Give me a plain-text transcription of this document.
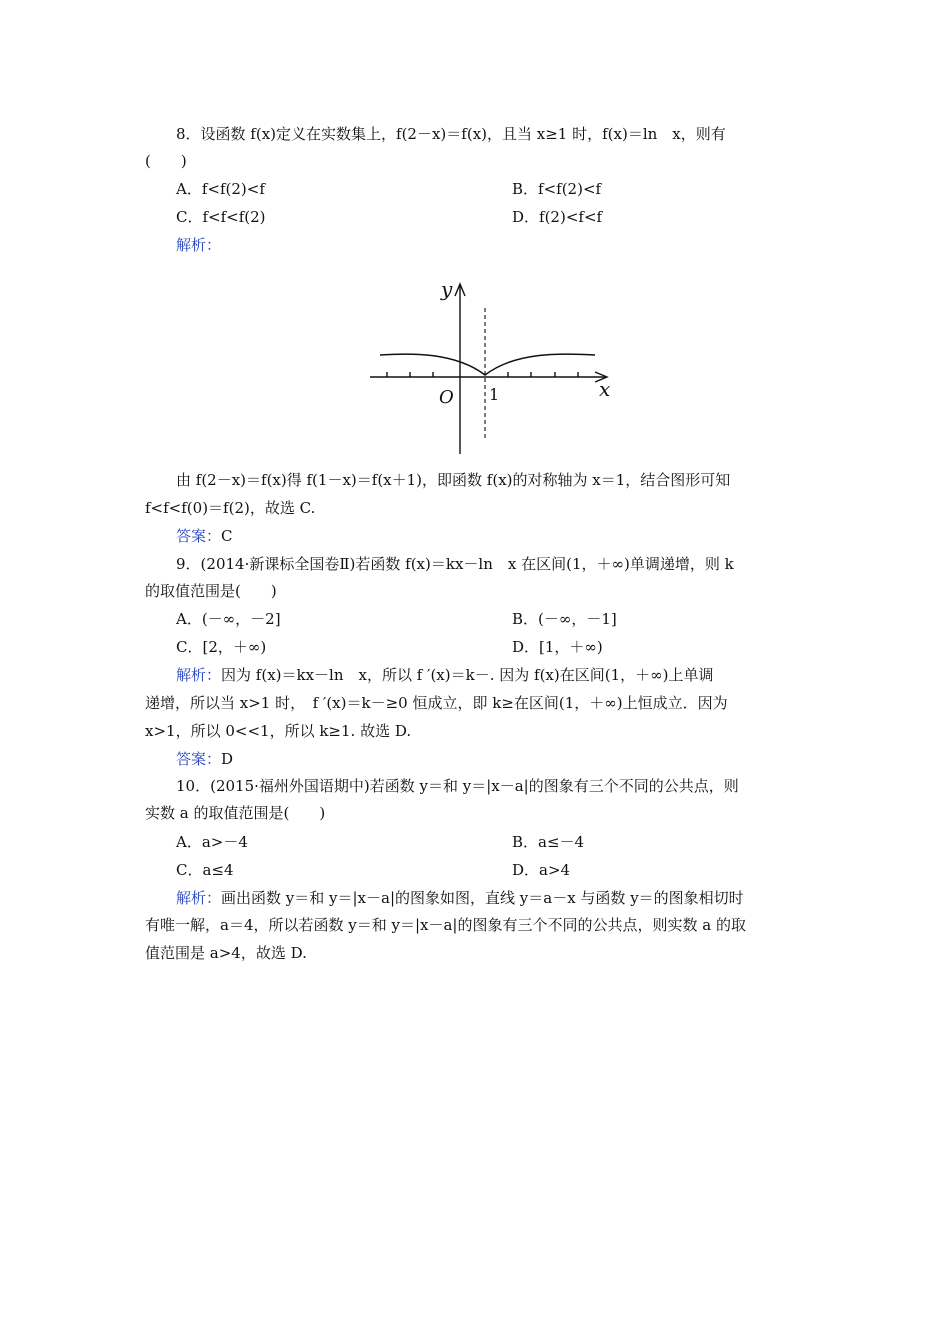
8．设函数 f(x)定义在实数集上，f(2－x)＝f(x)，且当 x≥1 时，f(x)＝ln　x，则有
(　　)
A．f<f(2)<f	B．f<f(2)<f
C．f<f<f(2)	D．f(2)<f<f
解析：
y
x
O 1
由 f(2－x)＝f(x)得 f(1－x)＝f(x＋1)，即函数 f(x)的对称轴为 x＝1，结合图形可知
f<f<f(0)＝f(2)，故选 C.
答案：C
9．(2014·新课标全国卷Ⅱ)若函数 f(x)＝kx－ln　x 在区间(1，＋∞)单调递增，则 k
的取值范围是(　　)
A．(－∞，－2]	B．(－∞，－1]
C．[2，＋∞)	D．[1，＋∞)
解析：因为 f(x)＝kx－ln　x，所以 f ′(x)＝k－. 因为 f(x)在区间(1，＋∞)上单调
递增，所以当 x>1 时，　f ′(x)＝k－≥0 恒成立，即 k≥在区间(1，＋∞)上恒成立．因为
x>1，所以 0<<1，所以 k≥1. 故选 D.
答案：D
10．(2015·福州外国语期中)若函数 y＝和 y＝|x－a|的图象有三个不同的公共点，则
实数 a 的取值范围是(　　)
A．a>－4	B．a≤－4
C．a≤4	D．a>4
解析：画出函数 y＝和 y＝|x－a|的图象如图，直线 y＝a－x 与函数 y＝的图象相切时
有唯一解，a＝4，所以若函数 y＝和 y＝|x－a|的图象有三个不同的公共点，则实数 a 的取
值范围是 a>4，故选 D.
